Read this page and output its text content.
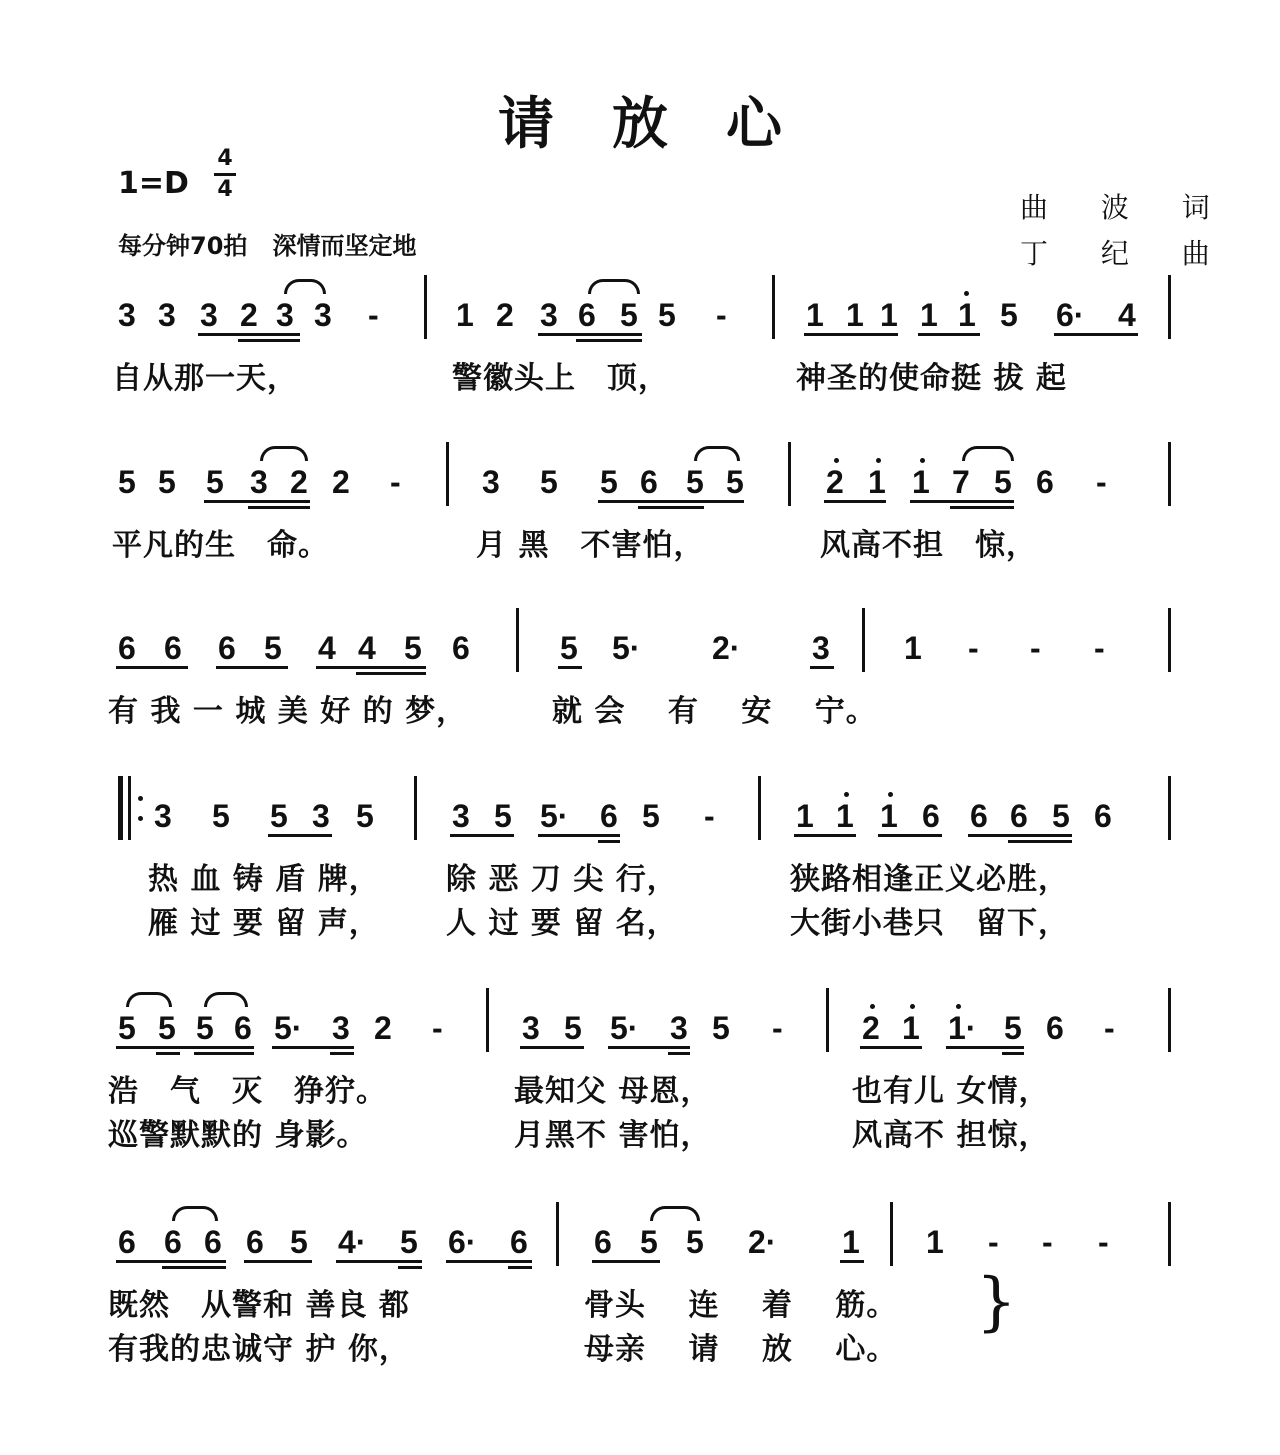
请放心
1=D
4
4
每分钟70拍 深情而坚定地
曲 波 词
丁 纪 曲
3 3 3 2 3 3 - 1 2 3 6 5 5 - 1 1 1 1 1 5 6· 4
自从那一天，	警徽头上　顶，	神圣的使命挺 拔 起
5 5 5 3 2 2 -	3 5 5 6 5 5	2 1 1 7 5 6 -
平凡的生　命。	月 黑　不害怕，	风高不担　惊，
6 6 6 5 4 4 5 6	5 5· 2· 3 1 - - -
有 我 一 城 美 好 的 梦，	就 会　 有　 安　 宁。
3 5 5 3 5 3 5 5· 6 5 -	1 1 1 6 6 6 5 6
热 血 铸 盾 牌， 除 恶 刀 尖 行，	狭路相逢正义必胜，
雁 过 要 留 声， 人 过 要 留 名，	大街小巷只　留下，
5 5 5 6 5· 3 2 - 3 5 5· 3 5 - 2 1 1· 5 6 -
浩　气　灭　狰狞。	最知父 母恩，	也有儿 女情，
巡警默默的 身影。	月黑不 害怕，	风高不 担惊，
6 6 6 6 5 4· 5 6· 6 6 5 5 2· 1 1 - - -
既然　从警和 善良 都	骨头　 连　 着　 筋。
有我的忠诚守 护 你，	母亲　 请　 放　 心。
}
